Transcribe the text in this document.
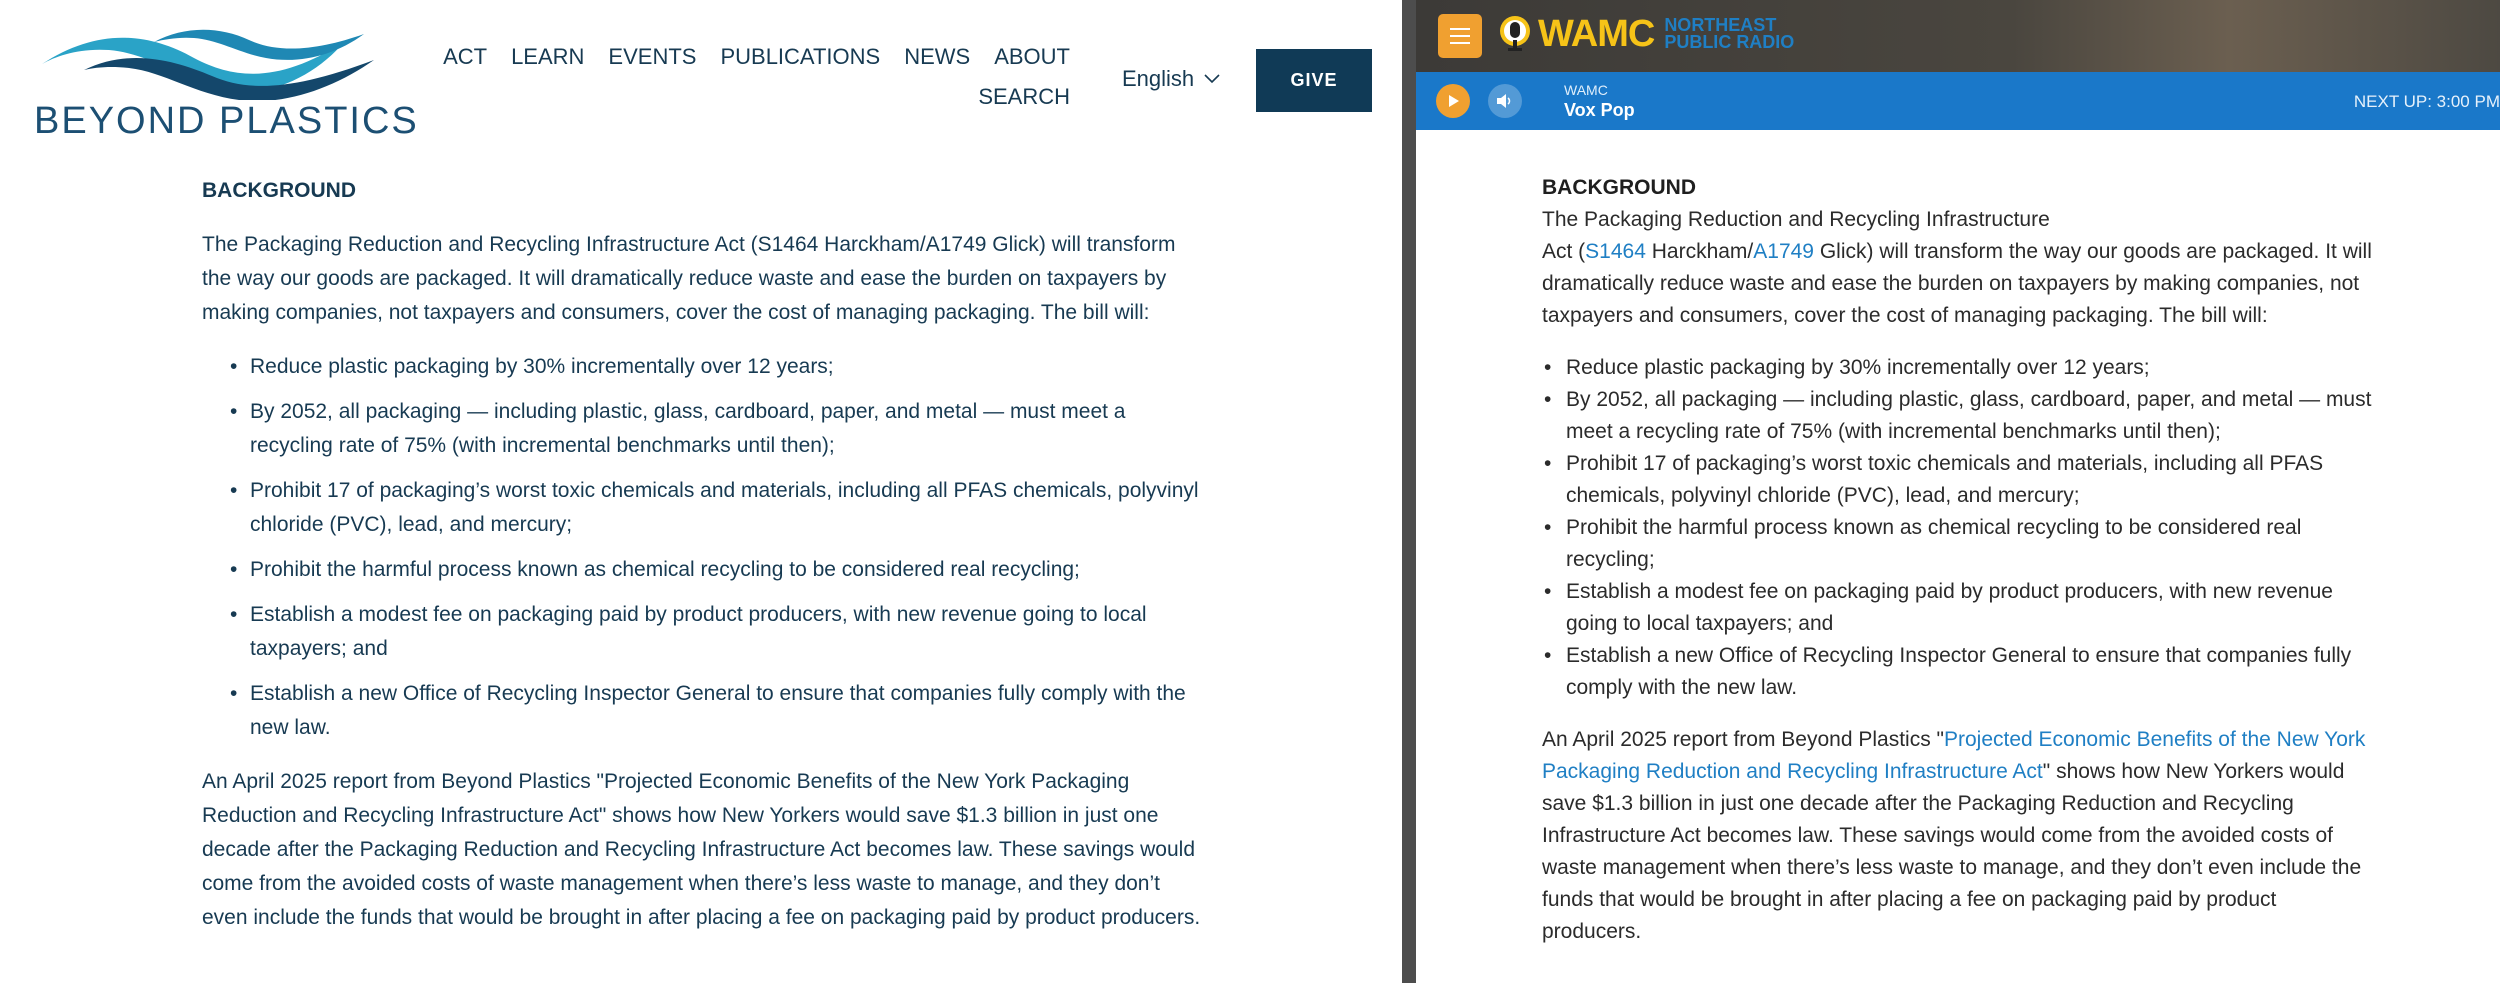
BEYOND PLASTICS
ACT LEARN EVENTS PUBLICATIONS NEWS ABOUT
SEARCH
English	GIVE
BACKGROUND

The Packaging Reduction and Recycling Infrastructure Act (S1464 Harckham/A1749 Glick) will transform the way our goods are packaged. It will dramatically reduce waste and ease the burden on taxpayers by making companies, not taxpayers and consumers, cover the cost of managing packaging. The bill will:

• Reduce plastic packaging by 30% incrementally over 12 years;
• By 2052, all packaging — including plastic, glass, cardboard, paper, and metal — must meet a recycling rate of 75% (with incremental benchmarks until then);
• Prohibit 17 of packaging’s worst toxic chemicals and materials, including all PFAS chemicals, polyvinyl chloride (PVC), lead, and mercury;
• Prohibit the harmful process known as chemical recycling to be considered real recycling;
• Establish a modest fee on packaging paid by product producers, with new revenue going to local taxpayers; and
• Establish a new Office of Recycling Inspector General to ensure that companies fully comply with the new law.

An April 2025 report from Beyond Plastics "Projected Economic Benefits of the New York Packaging Reduction and Recycling Infrastructure Act" shows how New Yorkers would save $1.3 billion in just one decade after the Packaging Reduction and Recycling Infrastructure Act becomes law. These savings would come from the avoided costs of waste management when there’s less waste to manage, and they don’t even include the funds that would be brought in after placing a fee on packaging paid by product producers.

WAMC NORTHEAST
PUBLIC RADIO
WAMC
Vox Pop	NEXT UP: 3:00 PM
BACKGROUND

The Packaging Reduction and Recycling Infrastructure
Act (S1464 Harckham/A1749 Glick) will transform the way our goods are packaged. It will dramatically reduce waste and ease the burden on taxpayers by making companies, not taxpayers and consumers, cover the cost of managing packaging. The bill will:

• Reduce plastic packaging by 30% incrementally over 12 years;
• By 2052, all packaging — including plastic, glass, cardboard, paper, and metal — must meet a recycling rate of 75% (with incremental benchmarks until then);
• Prohibit 17 of packaging’s worst toxic chemicals and materials, including all PFAS chemicals, polyvinyl chloride (PVC), lead, and mercury;
• Prohibit the harmful process known as chemical recycling to be considered real recycling;
• Establish a modest fee on packaging paid by product producers, with new revenue going to local taxpayers; and
• Establish a new Office of Recycling Inspector General to ensure that companies fully comply with the new law.

An April 2025 report from Beyond Plastics "Projected Economic Benefits of the New York Packaging Reduction and Recycling Infrastructure Act" shows how New Yorkers would save $1.3 billion in just one decade after the Packaging Reduction and Recycling Infrastructure Act becomes law. These savings would come from the avoided costs of waste management when there’s less waste to manage, and they don’t even include the funds that would be brought in after placing a fee on packaging paid by product producers.
